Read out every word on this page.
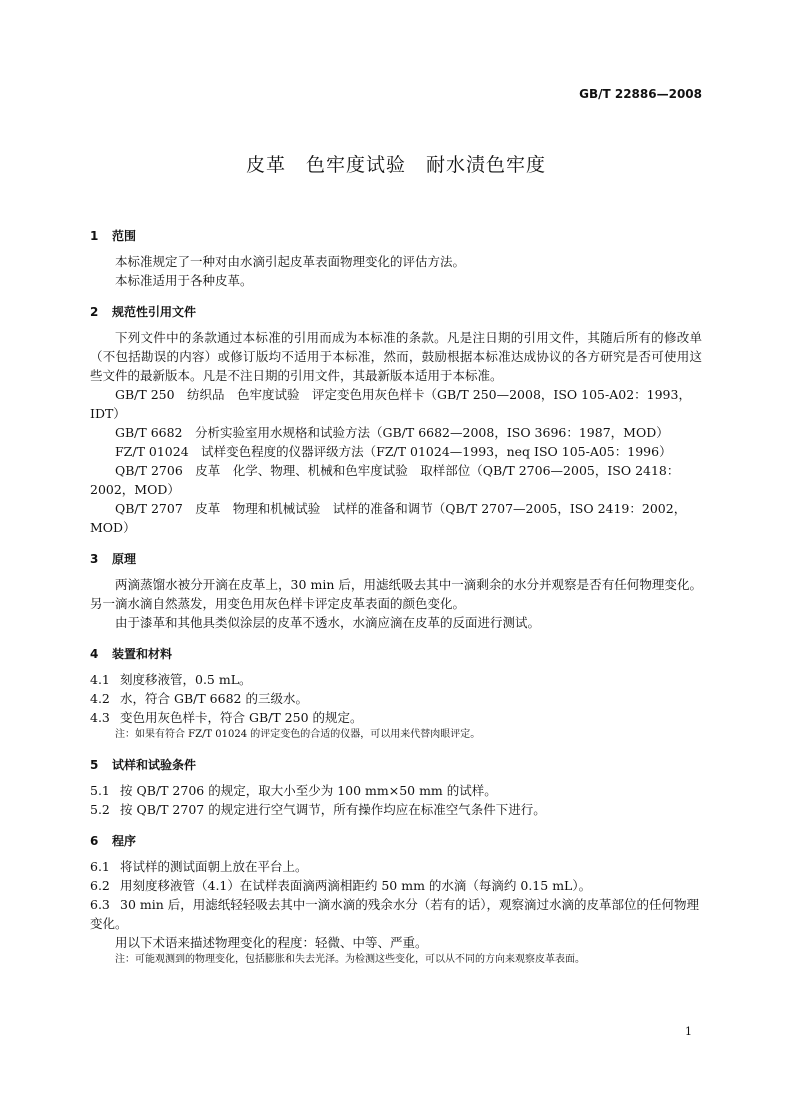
GB/T 22886—2008
皮革　色牢度试验　耐水渍色牢度
1 范围
本标准规定了一种对由水滴引起皮革表面物理变化的评估方法。
本标准适用于各种皮革。
2 规范性引用文件
下列文件中的条款通过本标准的引用而成为本标准的条款。凡是注日期的引用文件，其随后所有的修改单（不包括勘误的内容）或修订版均不适用于本标准，然而，鼓励根据本标准达成协议的各方研究是否可使用这些文件的最新版本。凡是不注日期的引用文件，其最新版本适用于本标准。
GB/T 250　纺织品　色牢度试验　评定变色用灰色样卡（GB/T 250—2008，ISO 105-A02：1993，
IDT）
GB/T 6682　分析实验室用水规格和试验方法（GB/T 6682—2008，ISO 3696：1987，MOD）
FZ/T 01024　试样变色程度的仪器评级方法（FZ/T 01024—1993，neq ISO 105-A05：1996）
QB/T 2706　皮革　化学、物理、机械和色牢度试验　取样部位（QB/T 2706—2005，ISO 2418：
2002，MOD）
QB/T 2707　皮革　物理和机械试验　试样的准备和调节（QB/T 2707—2005，ISO 2419：2002，
MOD）
3 原理
两滴蒸馏水被分开滴在皮革上，30 min 后，用滤纸吸去其中一滴剩余的水分并观察是否有任何物理变化。另一滴水滴自然蒸发，用变色用灰色样卡评定皮革表面的颜色变化。
由于漆革和其他具类似涂层的皮革不透水，水滴应滴在皮革的反面进行测试。
4 装置和材料
4.1 刻度移液管，0.5 mL。
4.2 水，符合 GB/T 6682 的三级水。
4.3 变色用灰色样卡，符合 GB/T 250 的规定。
注：如果有符合 FZ/T 01024 的评定变色的合适的仪器，可以用来代替肉眼评定。
5 试样和试验条件
5.1 按 QB/T 2706 的规定，取大小至少为 100 mm×50 mm 的试样。
5.2 按 QB/T 2707 的规定进行空气调节，所有操作均应在标准空气条件下进行。
6 程序
6.1 将试样的测试面朝上放在平台上。
6.2 用刻度移液管（4.1）在试样表面滴两滴相距约 50 mm 的水滴（每滴约 0.15 mL）。
6.3 30 min 后，用滤纸轻轻吸去其中一滴水滴的残余水分（若有的话），观察滴过水滴的皮革部位的任何物理变化。
用以下术语来描述物理变化的程度：轻微、中等、严重。
注：可能观测到的物理变化，包括膨胀和失去光泽。为检测这些变化，可以从不同的方向来观察皮革表面。
1
